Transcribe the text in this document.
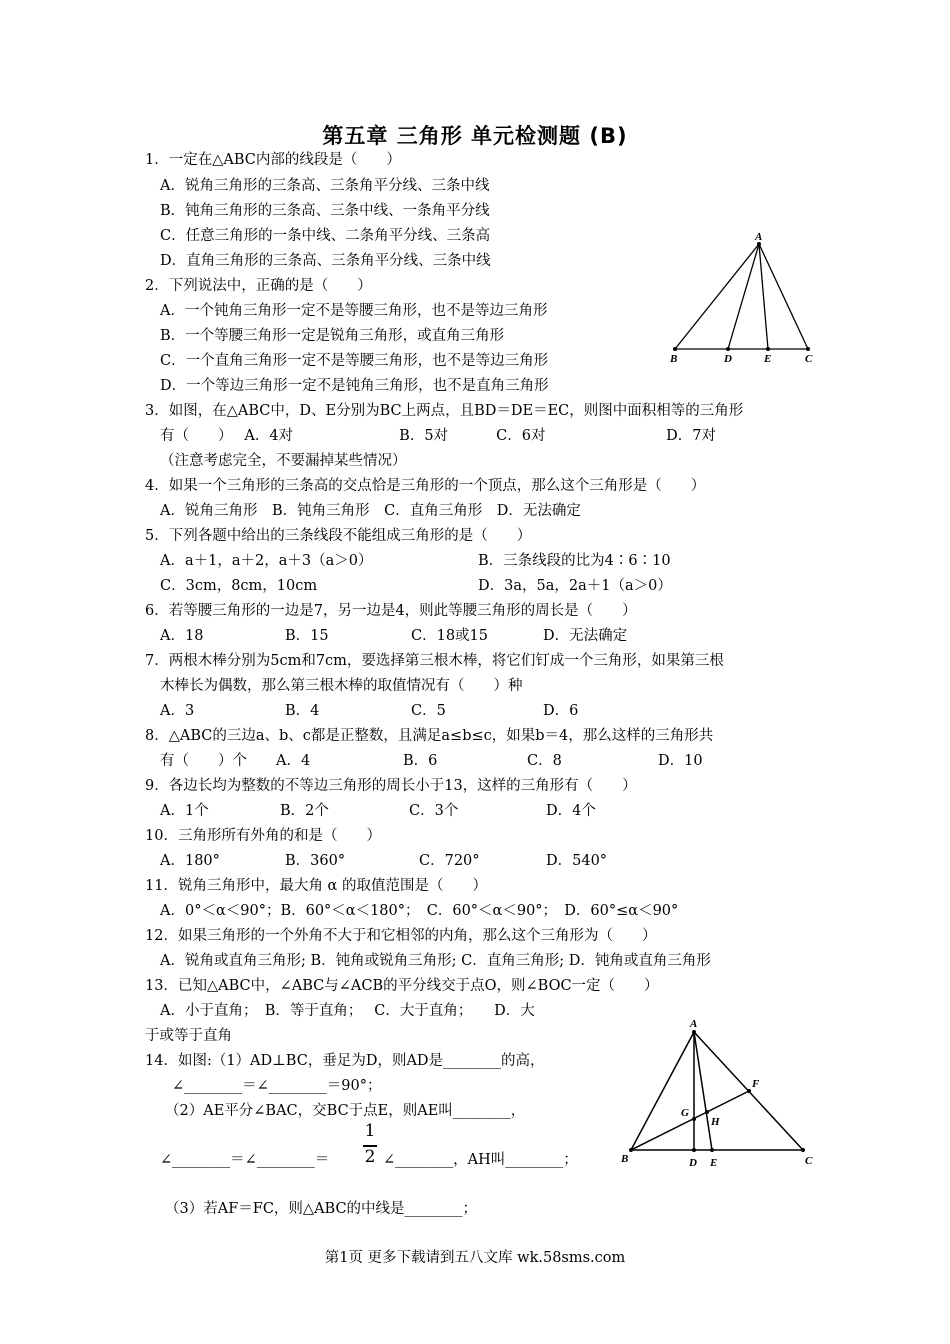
第五章 三角形 单元检测题 (B)
1．一定在△ABC内部的线段是（　　）
A．锐角三角形的三条高、三条角平分线、三条中线
B．钝角三角形的三条高、三条中线、一条角平分线
C．任意三角形的一条中线、二条角平分线、三条高
D．直角三角形的三条高、三条角平分线、三条中线
2．下列说法中，正确的是（　　）
A．一个钝角三角形一定不是等腰三角形，也不是等边三角形
B．一个等腰三角形一定是锐角三角形，或直角三角形
C．一个直角三角形一定不是等腰三角形，也不是等边三角形
D．一个等边三角形一定不是钝角三角形，也不是直角三角形
3．如图，在△ABC中，D、E分别为BC上两点，且BD＝DE＝EC，则图中面积相等的三角形
有（　　）　 A．4对　　　　　　　 B．5对　　　 C．6对　　　　　　　　 D．7对
（注意考虑完全，不要漏掉某些情况）
4．如果一个三角形的三条高的交点恰是三角形的一个顶点，那么这个三角形是（　　）
A．锐角三角形　B．钝角三角形　C．直角三角形　D．无法确定
5．下列各题中给出的三条线段不能组成三角形的是（　　）
A．a＋1，a＋2，a＋3（a＞0）	B．三条线段的比为4∶6∶10
C．3cm，8cm，10cm	D．3a，5a，2a＋1（a＞0）
6．若等腰三角形的一边是7，另一边是4，则此等腰三角形的周长是（　　）
A．18	B．15	C．18或15	D．无法确定
7．两根木棒分别为5cm和7cm，要选择第三根木棒，将它们钉成一个三角形，如果第三根
木棒长为偶数，那么第三根木棒的取值情况有（　　）种
A．3	B．4	C．5	D．6
8．△ABC的三边a、b、c都是正整数，且满足a≤b≤c，如果b＝4，那么这样的三角形共
有（　　）个　　A．4	B．6	C．8	D．10
9．各边长均为整数的不等边三角形的周长小于13，这样的三角形有（　　）
A．1个	B．2个	C．3个	D．4个
10．三角形所有外角的和是（　　）
A．180°	B．360°	C．720°	D．540°
11．锐角三角形中，最大角 α 的取值范围是（　　）
A．0°＜α＜90°；B．60°＜α＜180°；　C．60°＜α＜90°；　D．60°≤α＜90°
12．如果三角形的一个外角不大于和它相邻的内角，那么这个三角形为（　　）
A．锐角或直角三角形; B．钝角或锐角三角形; C．直角三角形; D．钝角或直角三角形
13．已知△ABC中，∠ABC与∠ACB的平分线交于点O，则∠BOC一定（　　）
A．小于直角；　B．等于直角；　 C．大于直角；　　D．大
于或等于直角
14．如图:（1）AD⊥BC，垂足为D，则AD是________的高，
∠________＝∠________＝90°；
（2）AE平分∠BAC，交BC于点E，则AE叫________，
∠________＝∠________＝
1
2 ∠________，AH叫________；
（3）若AF＝FC，则△ABC的中线是________；
A
B	D	E	C
A
B	D E	C
F
G
H
第1页 更多下载请到五八文库 wk.58sms.com
